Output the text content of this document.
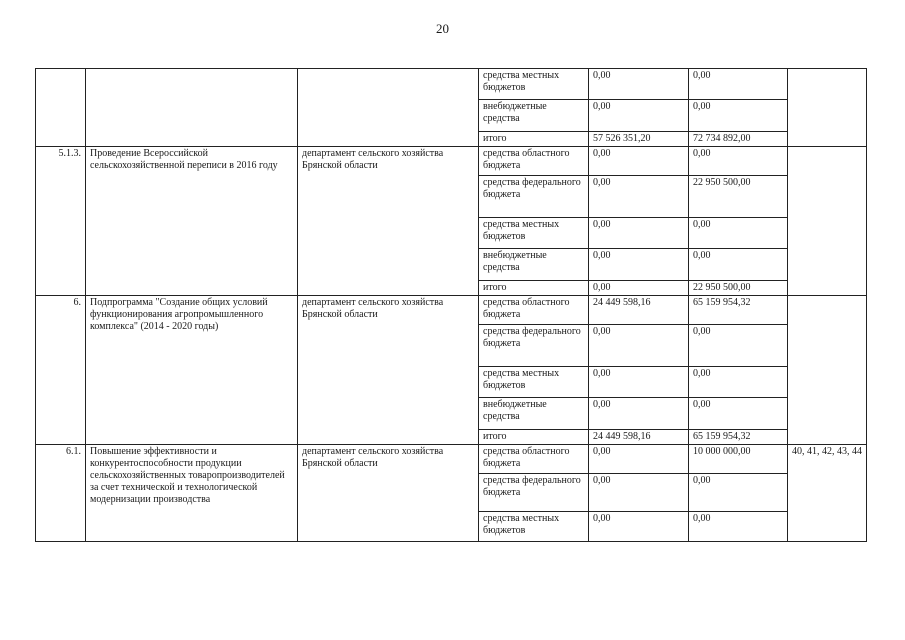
20
			средства местных бюджетов	0,00	0,00	
			внебюджетные средства	0,00	0,00	
			итого	57 526 351,20	72 734 892,00	
5.1.3.	Проведение Всероссийской сельскохозяйственной переписи в 2016 году	департамент сельского хозяйства Брянской области	средства областного бюджета	0,00	0,00	
			средства федерального бюджета	0,00	22 950 500,00	
			средства местных бюджетов	0,00	0,00	
			внебюджетные средства	0,00	0,00	
			итого	0,00	22 950 500,00	
6.	Подпрограмма "Создание общих условий функционирования агропромышленного комплекса" (2014 - 2020 годы)	департамент сельского хозяйства Брянской области	средства областного бюджета	24 449 598,16	65 159 954,32	
			средства федерального бюджета	0,00	0,00	
			средства местных бюджетов	0,00	0,00	
			внебюджетные средства	0,00	0,00	
			итого	24 449 598,16	65 159 954,32	
6.1.	Повышение эффективности и конкурентоспособности продукции сельскохозяйственных товаропроизводителей за счет технической и технологической модернизации производства	департамент сельского хозяйства Брянской области	средства областного бюджета	0,00	10 000 000,00	40, 41, 42, 43, 44
			средства федерального бюджета	0,00	0,00	
			средства местных бюджетов	0,00	0,00	
